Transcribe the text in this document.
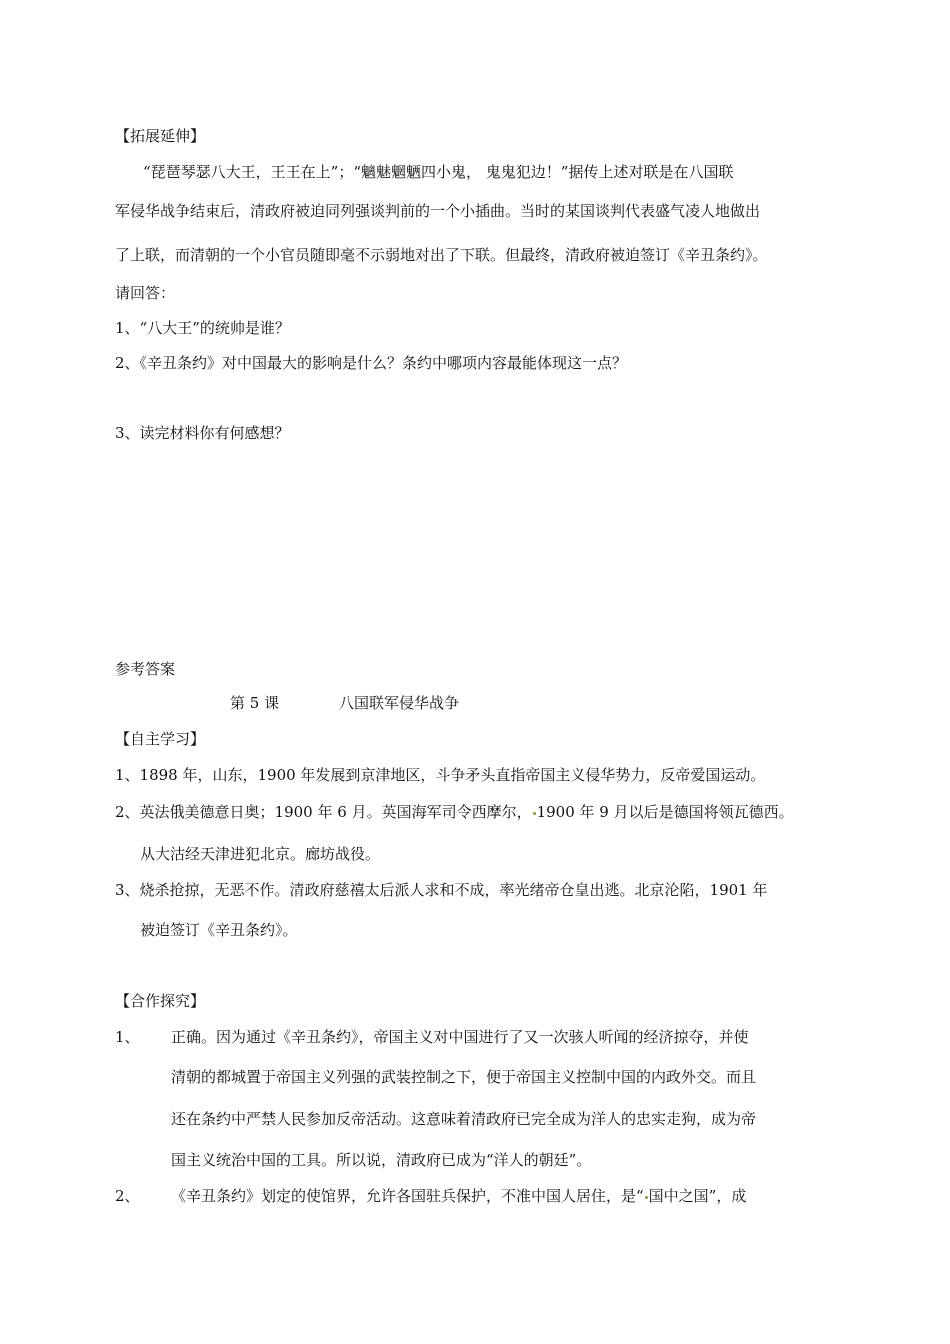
【拓展延伸】
“琵琶琴瑟八大王，王王在上”；“魑魅魍魉四小鬼， 鬼鬼犯边！”据传上述对联是在八国联
军侵华战争结束后，清政府被迫同列强谈判前的一个小插曲。当时的某国谈判代表盛气凌人地做出
了上联，而清朝的一个小官员随即毫不示弱地对出了下联。但最终，清政府被迫签订《辛丑条约》。
请回答：
1、“八大王”的统帅是谁？
2、《辛丑条约》对中国最大的影响是什么？条约中哪项内容最能体现这一点？
3、读完材料你有何感想？
参考答案
第 5 课	八国联军侵华战争
【自主学习】
1、1898 年，山东，1900 年发展到京津地区，斗争矛头直指帝国主义侵华势力，反帝爱国运动。
2、英法俄美德意日奥；1900 年 6 月。英国海军司令西摩尔， 1900 年 9 月以后是德国将领瓦德西。
从大沽经天津进犯北京。廊坊战役。
3、烧杀抢掠，无恶不作。清政府慈禧太后派人求和不成，率光绪帝仓皇出逃。北京沦陷，1901 年
被迫签订《辛丑条约》。
【合作探究】
1、 正确。因为通过《辛丑条约》，帝国主义对中国进行了又一次骇人听闻的经济掠夺，并使
清朝的都城置于帝国主义列强的武装控制之下，便于帝国主义控制中国的内政外交。而且
还在条约中严禁人民参加反帝活动。这意味着清政府已完全成为洋人的忠实走狗，成为帝
国主义统治中国的工具。所以说，清政府已成为“洋人的朝廷”。
2、 《辛丑条约》划定的使馆界，允许各国驻兵保护，不准中国人居住，是“ 国中之国”，成
